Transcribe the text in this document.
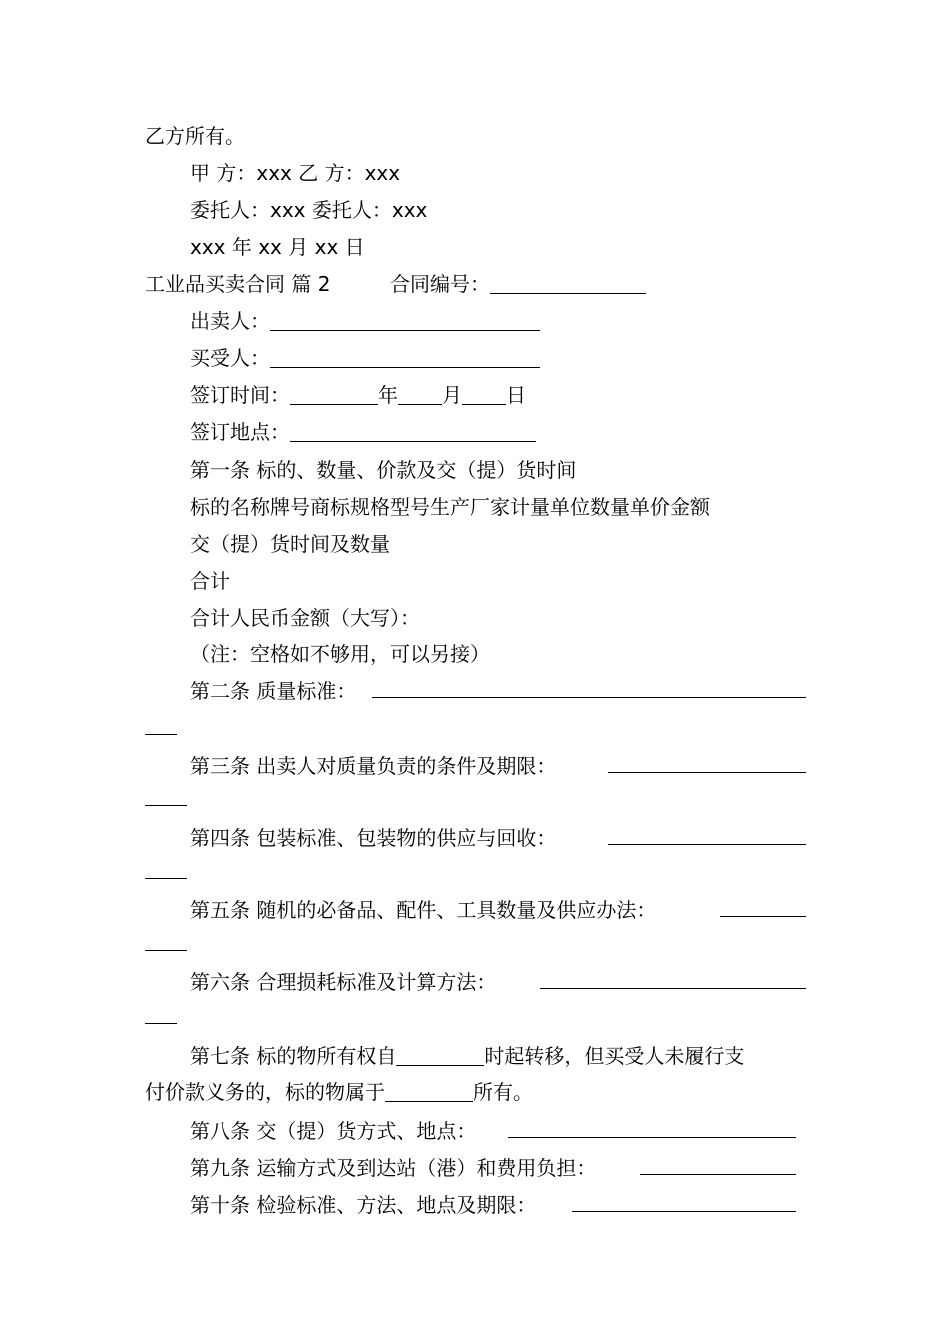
乙方所有。
甲 方：xxx 乙 方：xxx
委托人：xxx 委托人：xxx
xxx 年 xx 月 xx 日
工业品买卖合同 篇 2	合同编号：
出卖人：
买受人：
签订时间：	年 月 日
签订地点：
第一条 标的、数量、价款及交（提）货时间
标的名称牌号商标规格型号生产厂家计量单位数量单价金额
交（提）货时间及数量
合计
合计人民币金额（大写）：
（注：空格如不够用，可以另接）
第二条 质量标准：
第三条 出卖人对质量负责的条件及期限：
第四条 包装标准、包装物的供应与回收：
第五条 随机的必备品、配件、工具数量及供应办法：
第六条 合理损耗标准及计算方法：
第七条 标的物所有权自	时起转移，但买受人未履行支
付价款义务的，标的物属于	所有。
第八条 交（提）货方式、地点：
第九条 运输方式及到达站（港）和费用负担：
第十条 检验标准、方法、地点及期限：
